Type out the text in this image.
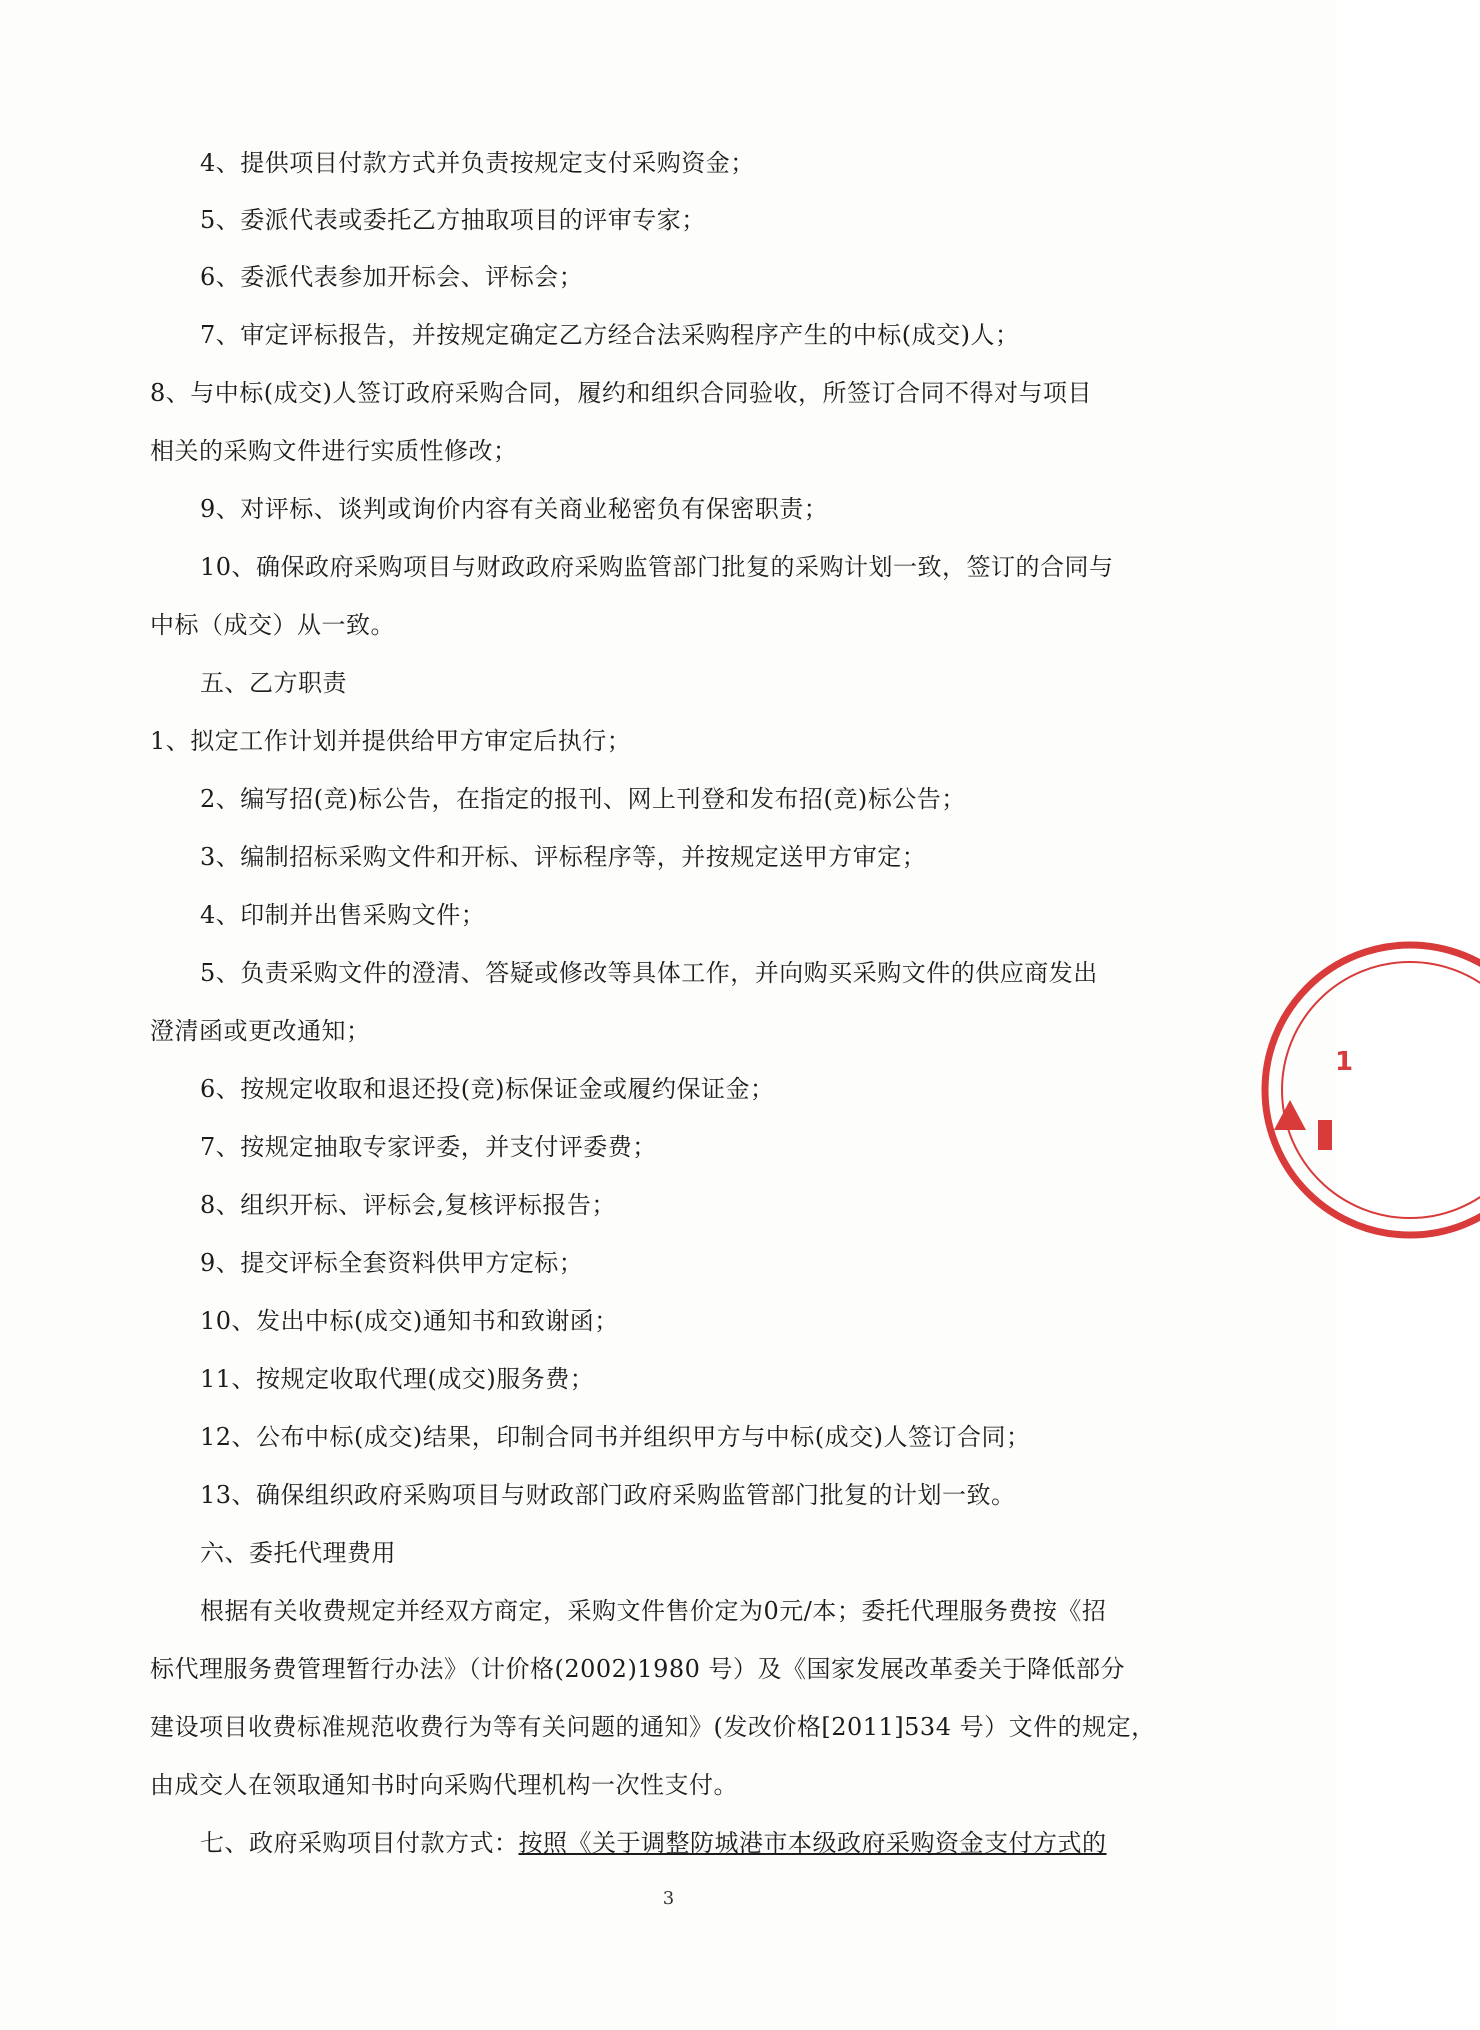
4、提供项目付款方式并负责按规定支付采购资金；
5、委派代表或委托乙方抽取项目的评审专家；
6、委派代表参加开标会、评标会；
7、审定评标报告，并按规定确定乙方经合法采购程序产生的中标(成交)人；
8、与中标(成交)人签订政府采购合同，履约和组织合同验收，所签订合同不得对与项目
相关的采购文件进行实质性修改；
9、对评标、谈判或询价内容有关商业秘密负有保密职责；
10、确保政府采购项目与财政政府采购监管部门批复的采购计划一致，签订的合同与
中标（成交）从一致。
五、乙方职责
1、拟定工作计划并提供给甲方审定后执行；
2、编写招(竞)标公告，在指定的报刊、网上刊登和发布招(竞)标公告；
3、编制招标采购文件和开标、评标程序等，并按规定送甲方审定；
4、印制并出售采购文件；
5、负责采购文件的澄清、答疑或修改等具体工作，并向购买采购文件的供应商发出
澄清函或更改通知；
6、按规定收取和退还投(竞)标保证金或履约保证金；
7、按规定抽取专家评委，并支付评委费；
8、组织开标、评标会,复核评标报告；
9、提交评标全套资料供甲方定标；
10、发出中标(成交)通知书和致谢函；
11、按规定收取代理(成交)服务费；
12、公布中标(成交)结果，印制合同书并组织甲方与中标(成交)人签订合同；
13、确保组织政府采购项目与财政部门政府采购监管部门批复的计划一致。
六、委托代理费用
根据有关收费规定并经双方商定，采购文件售价定为0元/本；委托代理服务费按《招
标代理服务费管理暂行办法》（计价格(2002)1980 号）及《国家发展改革委关于降低部分
建设项目收费标准规范收费行为等有关问题的通知》(发改价格[2011]534 号）文件的规定，
由成交人在领取通知书时向采购代理机构一次性支付。
七、政府采购项目付款方式：按照《关于调整防城港市本级政府采购资金支付方式的
3
1
